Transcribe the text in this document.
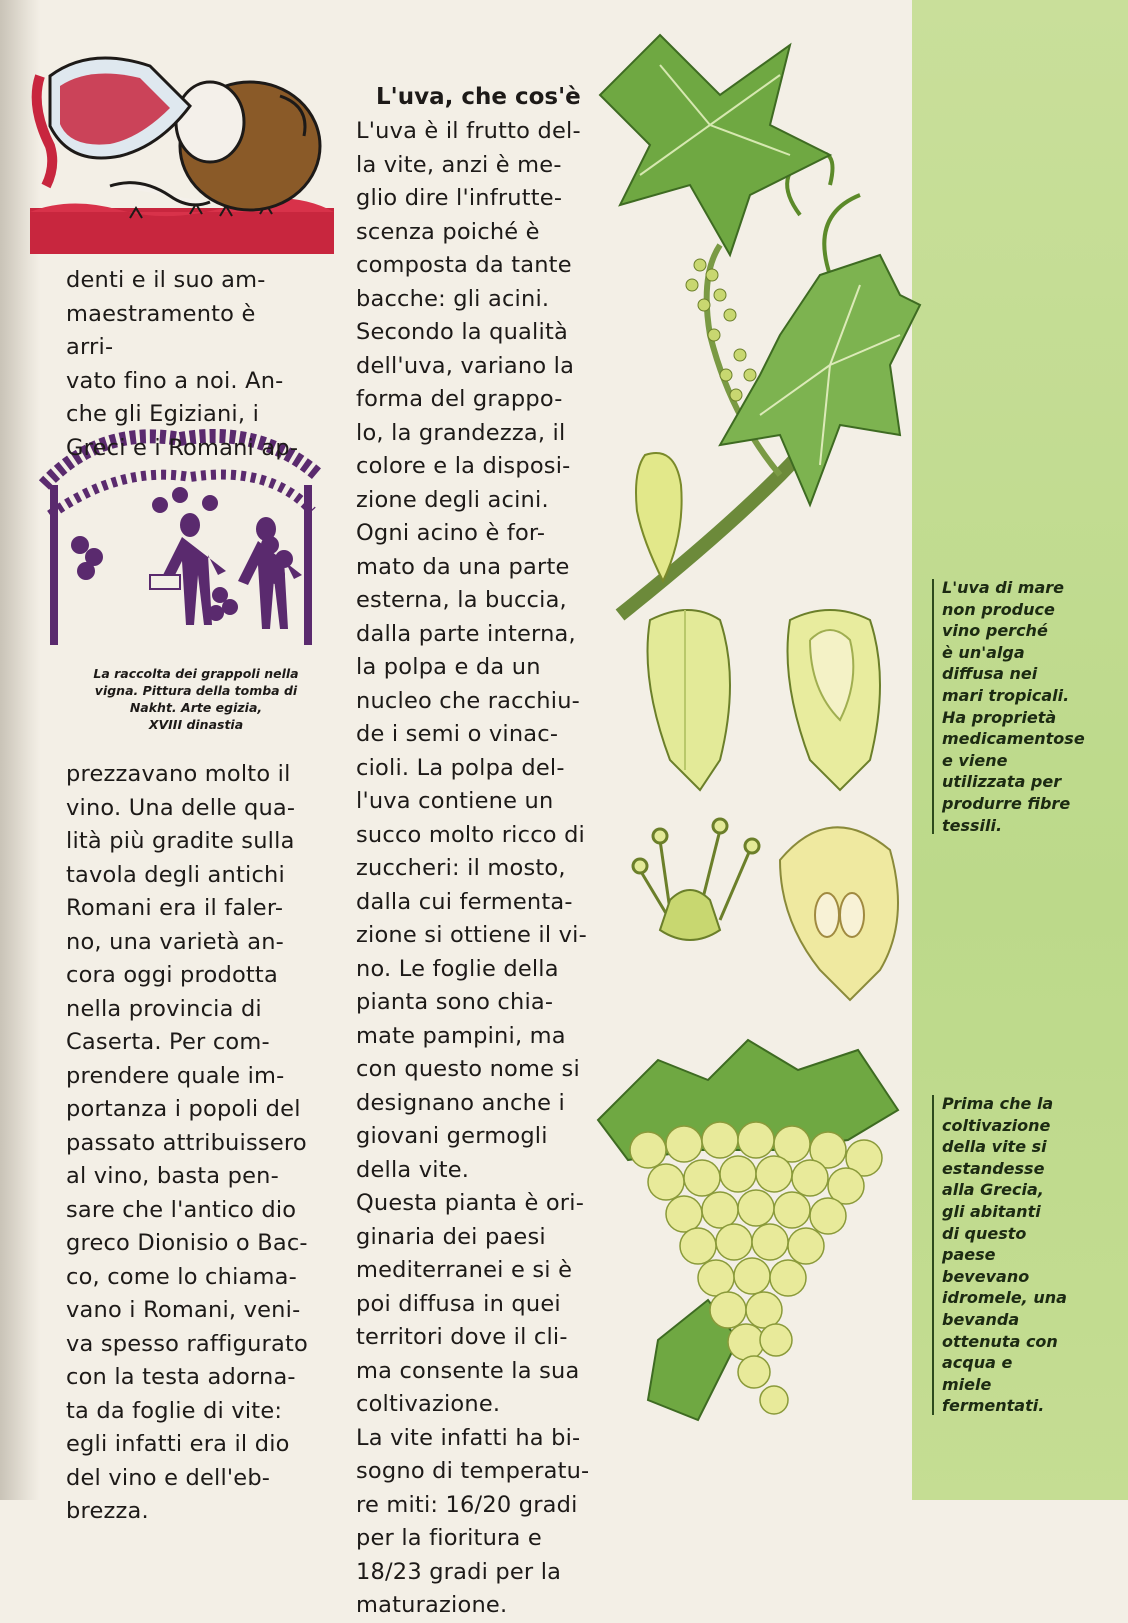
La raccolta dei grappoli nella
vigna. Pittura della tomba di
Nakht. Arte egizia,
XVIII dinastia
denti e il suo am-
maestramento è arri-
vato fino a noi. An-
che gli Egiziani, i
Greci e i Romani ap-
prezzavano molto il
vino. Una delle qua-
lità più gradite sulla
tavola degli antichi
Romani era il faler-
no, una varietà an-
cora oggi prodotta
nella provincia di
Caserta. Per com-
prendere quale im-
portanza i popoli del
passato attribuissero
al vino, basta pen-
sare che l'antico dio
greco Dionisio o Bac-
co, come lo chiama-
vano i Romani, veni-
va spesso raffigurato
con la testa adorna-
ta da foglie di vite:
egli infatti era il dio
del vino e dell'eb-
brezza.
L'uva, che cos'è
L'uva è il frutto del-
la vite, anzi è me-
glio dire l'infrutte-
scenza poiché è
composta da tante
bacche: gli acini.
Secondo la qualità
dell'uva, variano la
forma del grappo-
lo, la grandezza, il
colore e la disposi-
zione degli acini.
Ogni acino è for-
mato da una parte
esterna, la buccia,
dalla parte interna,
la polpa e da un
nucleo che racchiu-
de i semi o vinac-
cioli. La polpa del-
l'uva contiene un
succo molto ricco di
zuccheri: il mosto,
dalla cui fermenta-
zione si ottiene il vi-
no. Le foglie della
pianta sono chia-
mate pampini, ma
con questo nome si
designano anche i
giovani germogli
della vite.
Questa pianta è ori-
ginaria dei paesi
mediterranei e si è
poi diffusa in quei
territori dove il cli-
ma consente la sua
coltivazione.
La vite infatti ha bi-
sogno di temperatu-
re miti: 16/20 gradi
per la fioritura e
18/23 gradi per la
maturazione.
L'uva di mare
non produce
vino perché
è un'alga
diffusa nei
mari tropicali.
Ha proprietà
medicamentose
e viene
utilizzata per
produrre fibre
tessili.
Prima che la
coltivazione
della vite si
estandesse
alla Grecia,
gli abitanti
di questo
paese
bevevano
idromele, una
bevanda
ottenuta con
acqua e
miele
fermentati.
